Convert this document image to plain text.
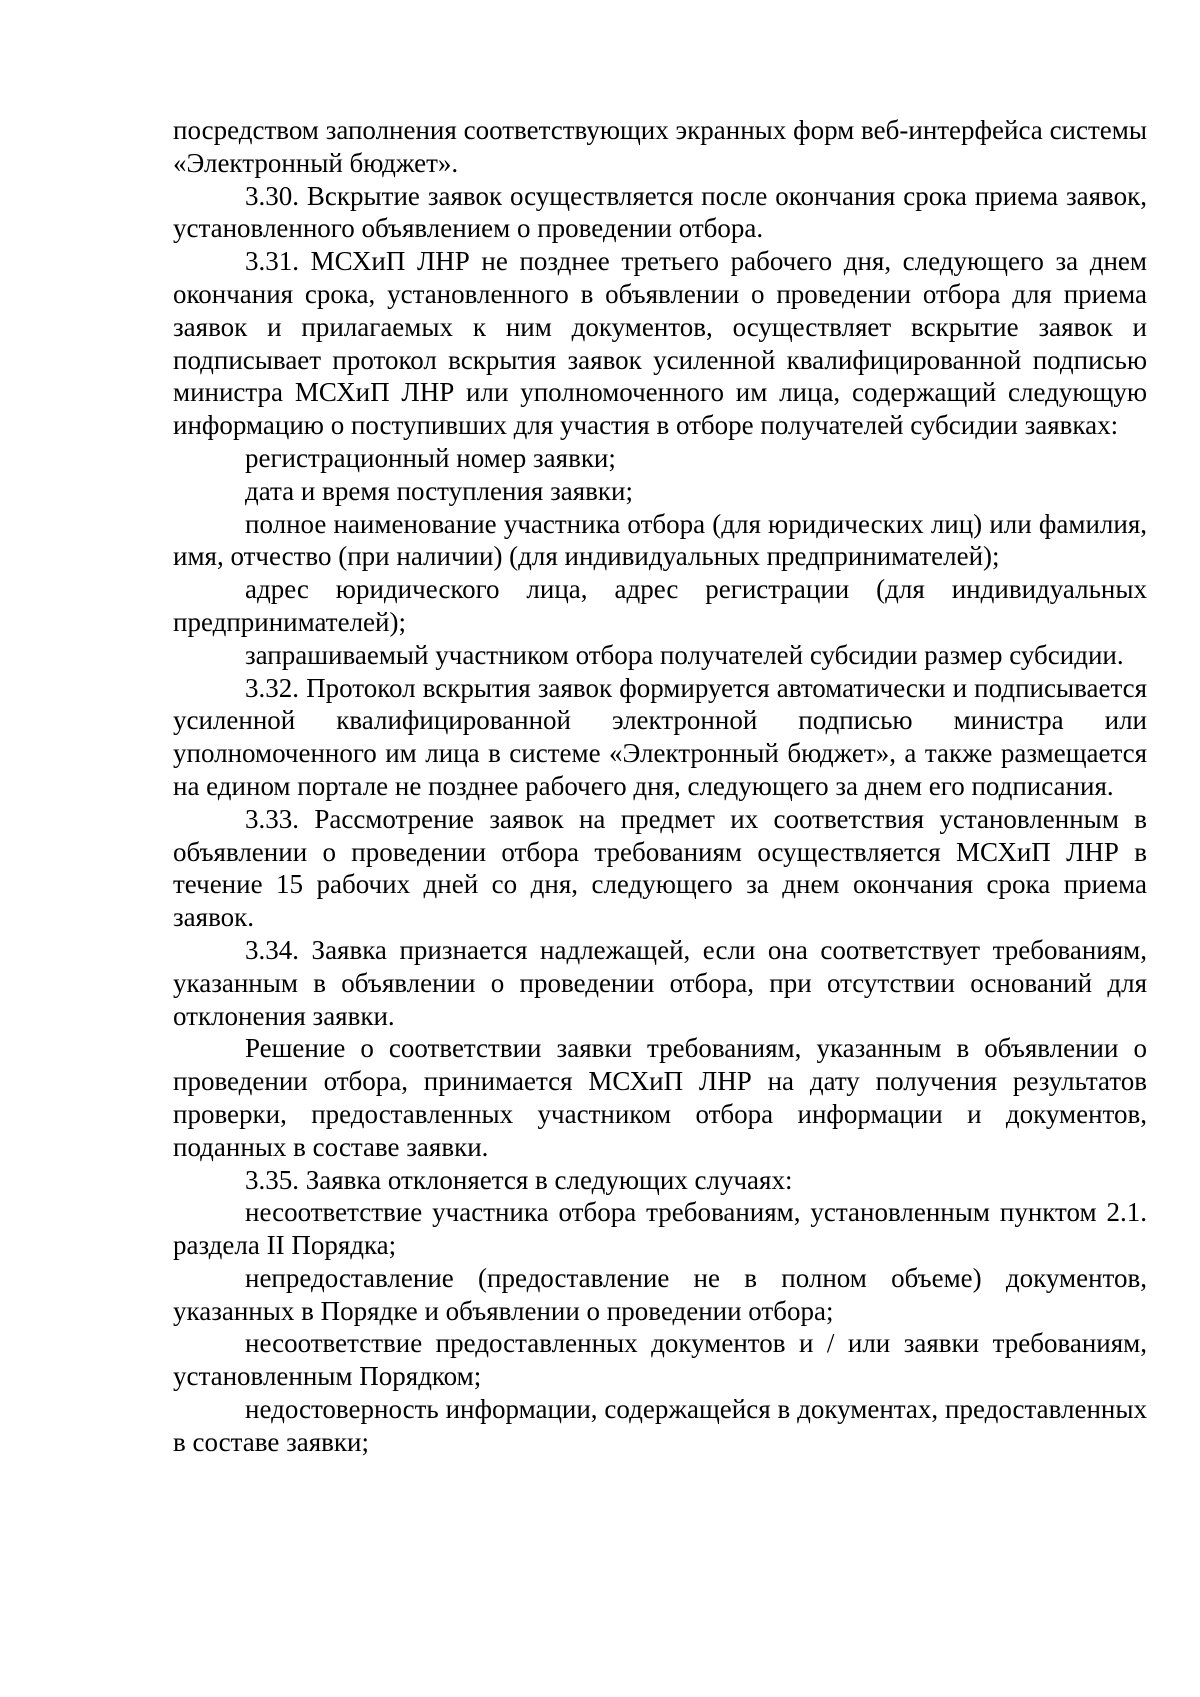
посредством заполнения соответствующих экранных форм веб-интерфейса системы «Электронный бюджет».

3.30. Вскрытие заявок осуществляется после окончания срока приема заявок, установленного объявлением о проведении отбора.

3.31. МСХиП ЛНР не позднее третьего рабочего дня, следующего за днем окончания срока, установленного в объявлении о проведении отбора для приема заявок и прилагаемых к ним документов, осуществляет вскрытие заявок и подписывает протокол вскрытия заявок усиленной квалифицированной подписью министра МСХиП ЛНР или уполномоченного им лица, содержащий следующую информацию о поступивших для участия в отборе получателей субсидии заявках:

регистрационный номер заявки;

дата и время поступления заявки;

полное наименование участника отбора (для юридических лиц) или фамилия, имя, отчество (при наличии) (для индивидуальных предпринимателей);

адрес юридического лица, адрес регистрации (для индивидуальных предпринимателей);

запрашиваемый участником отбора получателей субсидии размер субсидии.

3.32. Протокол вскрытия заявок формируется автоматически и подписывается усиленной квалифицированной электронной подписью министра или уполномоченного им лица в системе «Электронный бюджет», а также размещается на едином портале не позднее рабочего дня, следующего за днем его подписания.

3.33. Рассмотрение заявок на предмет их соответствия установленным в объявлении о проведении отбора требованиям осуществляется МСХиП ЛНР в течение 15 рабочих дней со дня, следующего за днем окончания срока приема заявок.

3.34. Заявка признается надлежащей, если она соответствует требованиям, указанным в объявлении о проведении отбора, при отсутствии оснований для отклонения заявки.

Решение о соответствии заявки требованиям, указанным в объявлении о проведении отбора, принимается МСХиП ЛНР на дату получения результатов проверки, предоставленных участником отбора информации и документов, поданных в составе заявки.

3.35. Заявка отклоняется в следующих случаях:

несоответствие участника отбора требованиям, установленным пунктом 2.1. раздела II Порядка;

непредоставление (предоставление не в полном объеме) документов, указанных в Порядке и объявлении о проведении отбора;

несоответствие предоставленных документов и / или заявки требованиям, установленным Порядком;

недостоверность информации, содержащейся в документах, предоставленных в составе заявки;
